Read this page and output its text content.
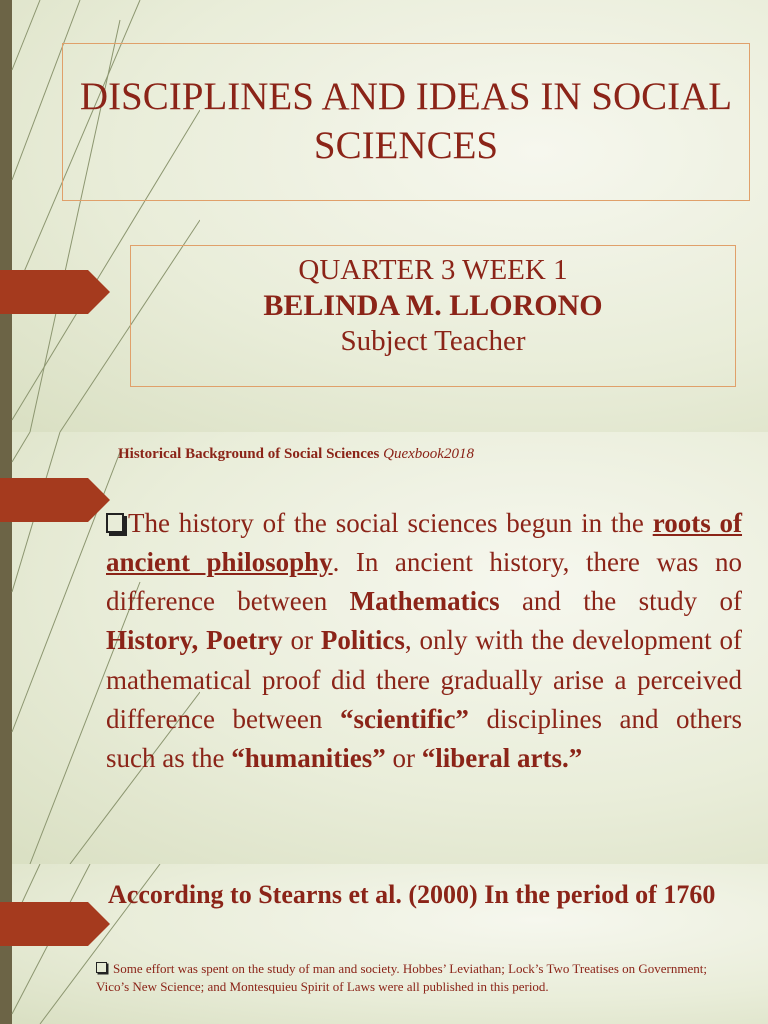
DISCIPLINES AND IDEAS IN SOCIAL SCIENCES
QUARTER 3 WEEK 1
BELINDA M. LLORONO
Subject Teacher
Historical Background of Social Sciences Quexbook2018
The history of the social sciences begun in the roots of ancient philosophy. In ancient history, there was no difference between Mathematics and the study of History, Poetry or Politics, only with the development of mathematical proof did there gradually arise a perceived difference between “scientific” disciplines and others such as the “humanities” or “liberal arts.”
According to Stearns et al. (2000) In the period of 1760
Some effort was spent on the study of man and society. Hobbes’ Leviathan; Lock’s Two Treatises on Government; Vico’s New Science; and Montesquieu Spirit of Laws were all published in this period.
